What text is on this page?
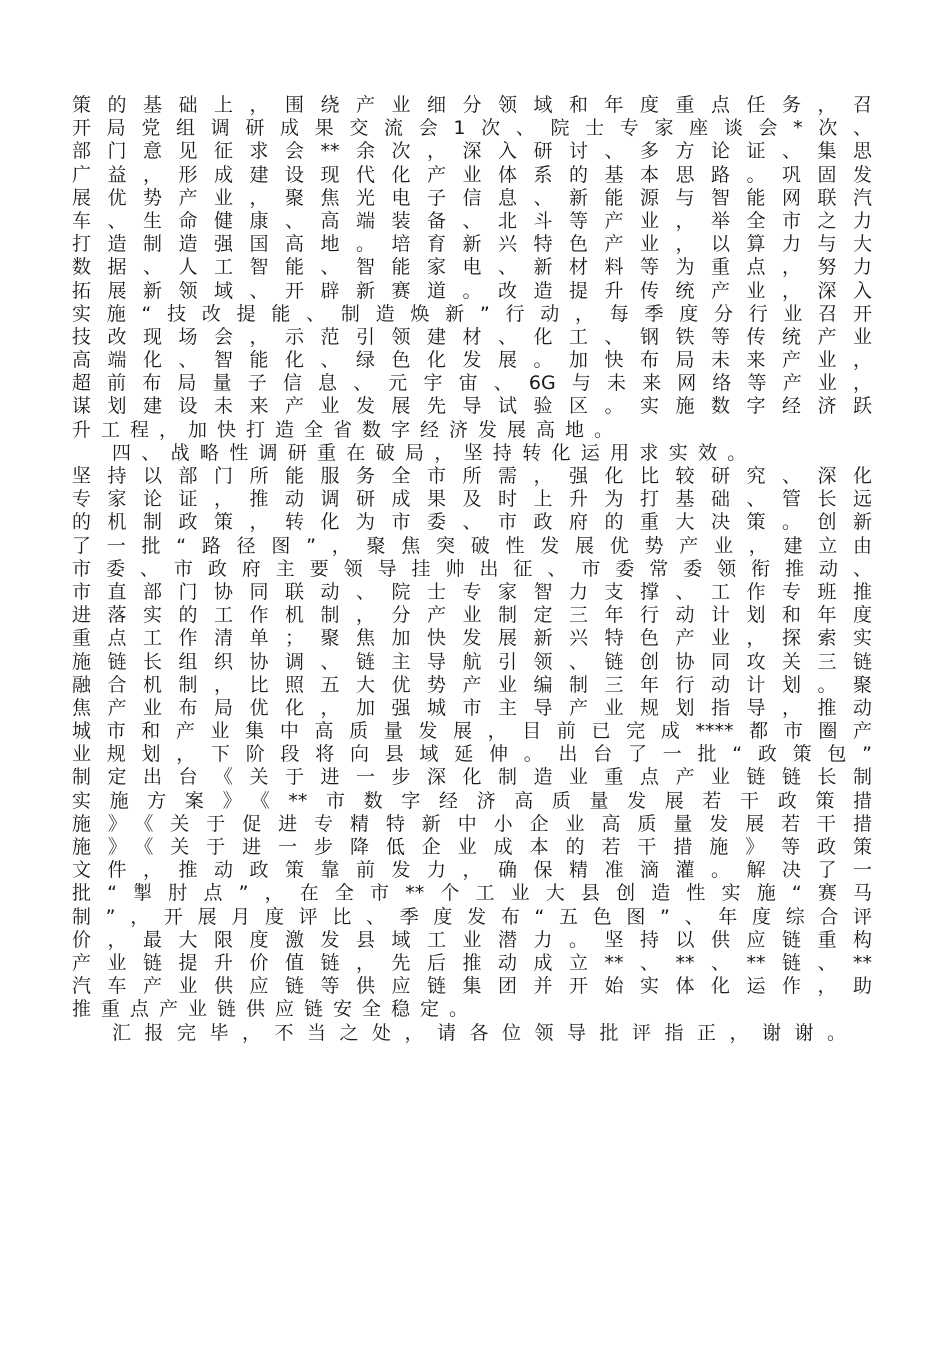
策的基础上，围绕产业细分领域和年度重点任务，召
开局党组调研成果交流会1次、院士专家座谈会*次、
部门意见征求会**余次，深入研讨、多方论证、集思
广益，形成建设现代化产业体系的基本思路。巩固发
展优势产业，聚焦光电子信息、新能源与智能网联汽
车、生命健康、高端装备、北斗等产业，举全市之力
打造制造强国高地。培育新兴特色产业，以算力与大
数据、人工智能、智能家电、新材料等为重点，努力
拓展新领域、开辟新赛道。改造提升传统产业，深入
实施“技改提能、制造焕新”行动，每季度分行业召开
技改现场会，示范引领建材、化工、钢铁等传统产业
高端化、智能化、绿色化发展。加快布局未来产业，
超前布局量子信息、元宇宙、6G与未来网络等产业，
谋划建设未来产业发展先导试验区。实施数字经济跃
升工程，加快打造全省数字经济发展高地。
四、战略性调研重在破局，坚持转化运用求实效。
坚持以部门所能服务全市所需，强化比较研究、深化
专家论证，推动调研成果及时上升为打基础、管长远
的机制政策，转化为市委、市政府的重大决策。创新
了一批“路径图”，聚焦突破性发展优势产业，建立由
市委、市政府主要领导挂帅出征、市委常委领衔推动、
市直部门协同联动、院士专家智力支撑、工作专班推
进落实的工作机制，分产业制定三年行动计划和年度
重点工作清单；聚焦加快发展新兴特色产业，探索实
施链长组织协调、链主导航引领、链创协同攻关三链
融合机制，比照五大优势产业编制三年行动计划。聚
焦产业布局优化，加强城市主导产业规划指导，推动
城市和产业集中高质量发展，目前已完成****都市圈产
业规划，下阶段将向县域延伸。出台了一批“政策包”
制定出台《关于进一步深化制造业重点产业链链长制
实施方案》《**市数字经济高质量发展若干政策措
施》《关于促进专精特新中小企业高质量发展若干措
施》《关于进一步降低企业成本的若干措施》等政策
文件，推动政策靠前发力，确保精准滴灌。解决了一
批“掣肘点”，在全市**个工业大县创造性实施“赛马
制”，开展月度评比、季度发布“五色图”、年度综合评
价，最大限度激发县域工业潜力。坚持以供应链重构
产业链提升价值链，先后推动成立**、**、**链、**
汽车产业供应链等供应链集团并开始实体化运作，助
推重点产业链供应链安全稳定。
汇报完毕，不当之处，请各位领导批评指正，谢谢。
